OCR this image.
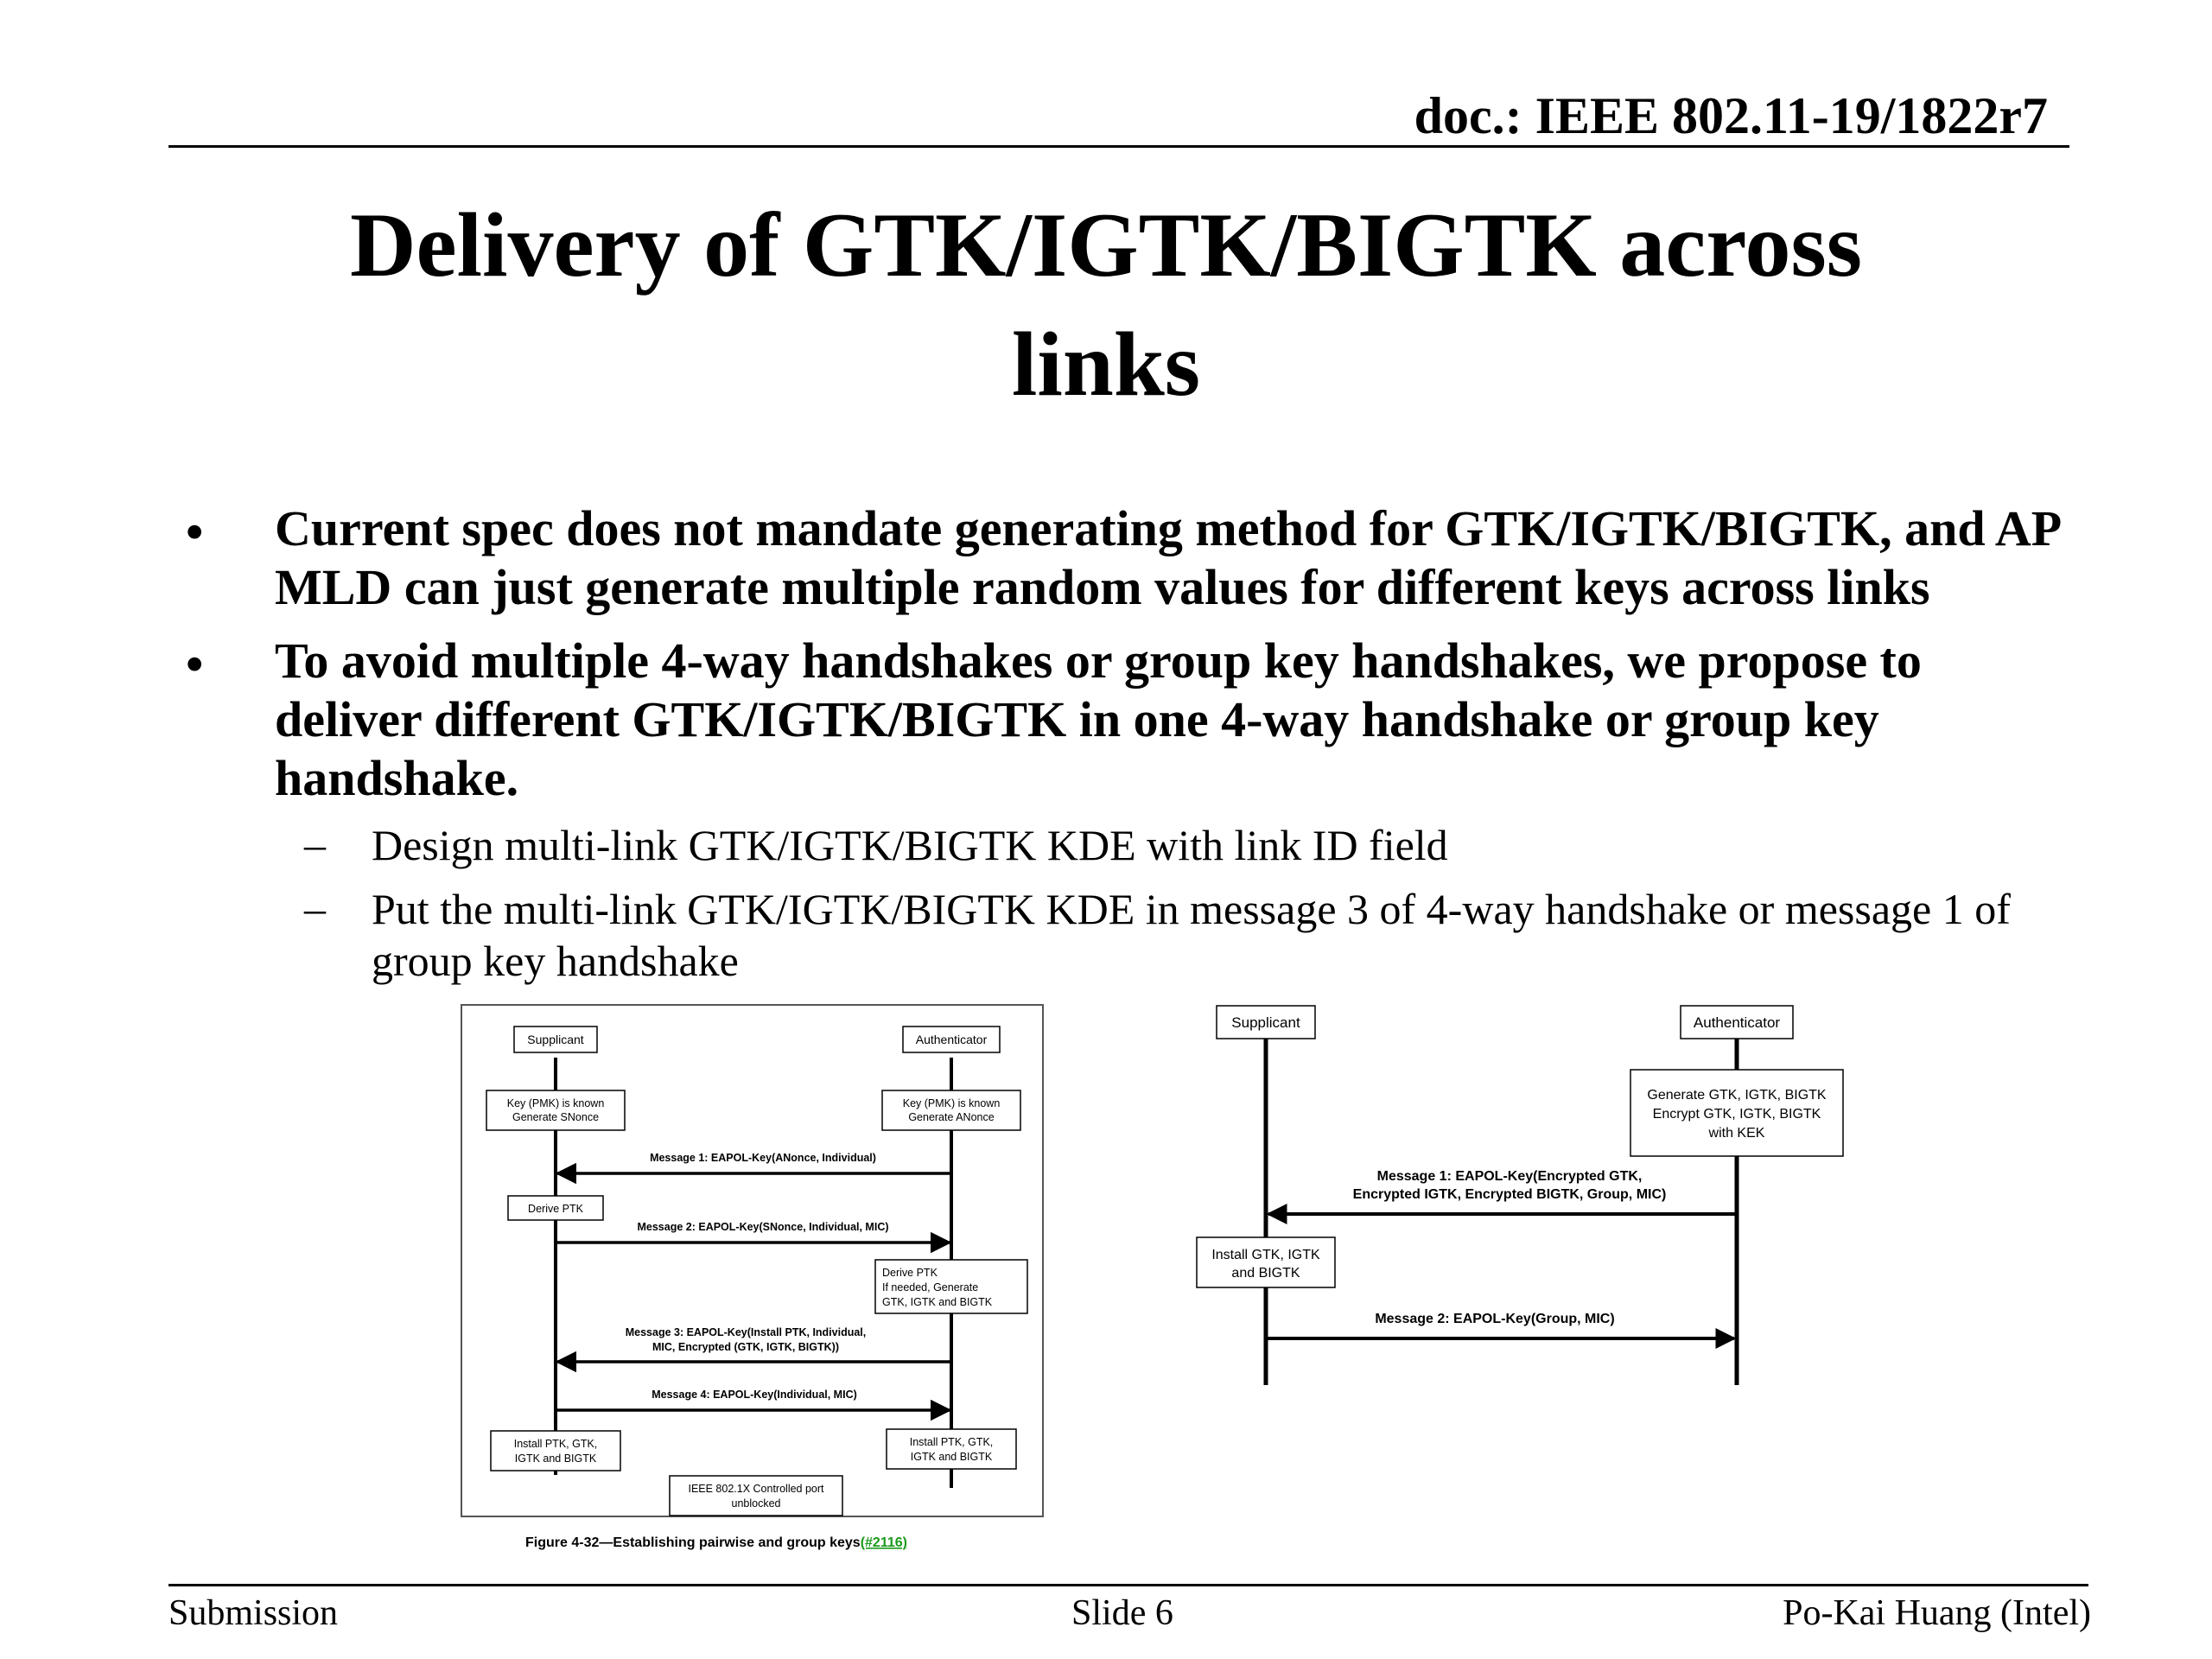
doc.: IEEE 802.11-19/1822r7
Delivery of GTK/IGTK/BIGTK across
links
• Current spec does not mandate generating method for GTK/IGTK/BIGTK, and AP MLD can just generate multiple random values for different keys across links
• To avoid multiple 4-way handshakes or group key handshakes, we propose to deliver different GTK/IGTK/BIGTK in one 4-way handshake or group key handshake.
– Design multi-link GTK/IGTK/BIGTK KDE with link ID field
– Put the multi-link GTK/IGTK/BIGTK KDE in message 3 of 4-way handshake or message 1 of group key handshake
Supplicant	Authenticator
Key (PMK) is known
Generate SNonce
Key (PMK) is known
Generate ANonce
Message 1: EAPOL-Key(ANonce, Individual)
Derive PTK
Message 2: EAPOL-Key(SNonce, Individual, MIC)
Derive PTK
If needed, Generate
GTK, IGTK and BIGTK
Message 3: EAPOL-Key(Install PTK, Individual,
MIC, Encrypted (GTK, IGTK, BIGTK))
Message 4: EAPOL-Key(Individual, MIC)
Install PTK, GTK,
IGTK and BIGTK
Install PTK, GTK,
IGTK and BIGTK
IEEE 802.1X Controlled port
unblocked
Figure 4-32—Establishing pairwise and group keys(#2116)
Supplicant	Authenticator
Generate GTK, IGTK, BIGTK
Encrypt GTK, IGTK, BIGTK
with KEK
Message 1: EAPOL-Key(Encrypted GTK,
Encrypted IGTK, Encrypted BIGTK, Group, MIC)
Install GTK, IGTK
and BIGTK
Message 2: EAPOL-Key(Group, MIC)
Submission	Slide 6	Po-Kai Huang (Intel)
